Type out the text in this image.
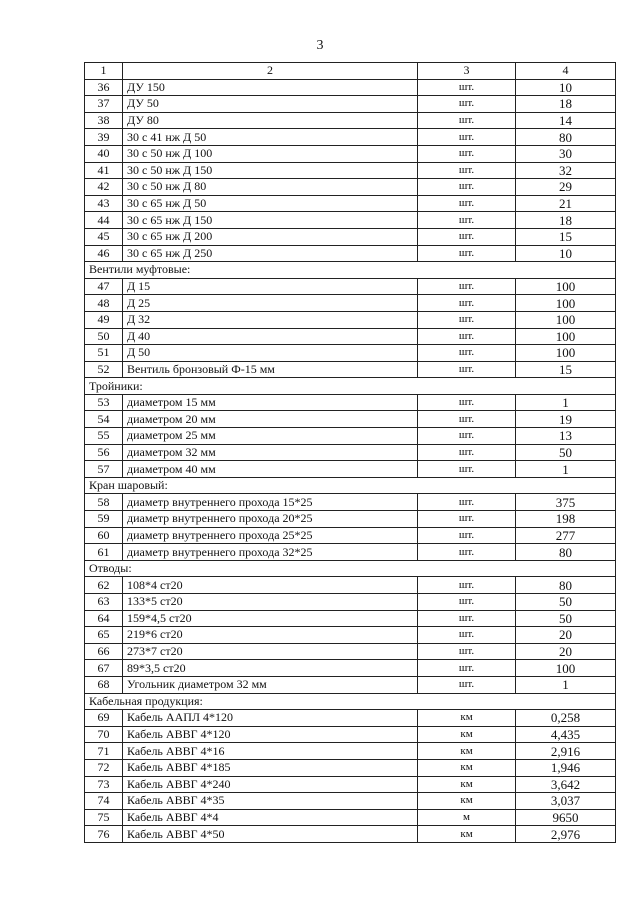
3
1	2	3	4
36	ДУ 150	шт.	10
37	ДУ 50	шт.	18
38	ДУ 80	шт.	14
39	30 с 41 нж Д 50	шт.	80
40	30 с 50 нж Д 100	шт.	30
41	30 с 50 нж Д 150	шт.	32
42	30 с 50 нж Д 80	шт.	29
43	30 с 65 нж Д 50	шт.	21
44	30 с 65 нж Д 150	шт.	18
45	30 с 65 нж Д 200	шт.	15
46	30 с 65 нж Д 250	шт.	10
Вентили муфтовые:			
47	Д 15	шт.	100
48	Д 25	шт.	100
49	Д 32	шт.	100
50	Д 40	шт.	100
51	Д 50	шт.	100
52	Вентиль бронзовый Ф-15 мм	шт.	15
Тройники:			
53	диаметром 15 мм	шт.	1
54	диаметром 20 мм	шт.	19
55	диаметром 25 мм	шт.	13
56	диаметром 32 мм	шт.	50
57	диаметром 40 мм	шт.	1
Кран шаровый:			
58	диаметр внутреннего прохода 15*25	шт.	375
59	диаметр внутреннего прохода 20*25	шт.	198
60	диаметр внутреннего прохода 25*25	шт.	277
61	диаметр внутреннего прохода 32*25	шт.	80
Отводы:			
62	108*4 ст20	шт.	80
63	133*5 ст20	шт.	50
64	159*4,5 ст20	шт.	50
65	219*6 ст20	шт.	20
66	273*7 ст20	шт.	20
67	89*3,5 ст20	шт.	100
68	Угольник диаметром 32 мм	шт.	1
Кабельная продукция:			
69	Кабель ААПЛ 4*120	км	0,258
70	Кабель АВВГ 4*120	км	4,435
71	Кабель АВВГ 4*16	км	2,916
72	Кабель АВВГ 4*185	км	1,946
73	Кабель АВВГ 4*240	км	3,642
74	Кабель АВВГ 4*35	км	3,037
75	Кабель АВВГ 4*4	м	9650
76	Кабель АВВГ 4*50	км	2,976
